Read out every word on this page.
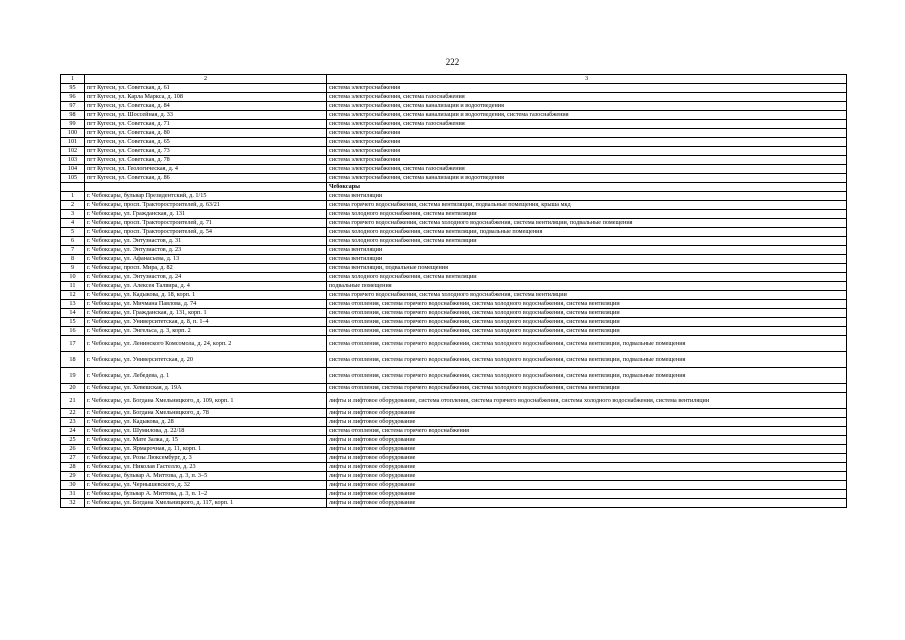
222
1	2	3
95	пгт Кугеси, ул. Советская, д. 61	система электроснабжения
96	пгт Кугеси, ул. Карла Маркса, д. 108	система электроснабжения, система газоснабжения
97	пгт Кугеси, ул. Советская, д. 84	система электроснабжения, система канализации и водоотведения
98	пгт Кугеси, ул. Шоссейная, д. 33	система электроснабжения, система канализации и водоотведения, система газоснабжения
99	пгт Кугеси, ул. Советская, д. 71	система электроснабжения, система газоснабжения
100	пгт Кугеси, ул. Советская, д. 80	система электроснабжения
101	пгт Кугеси, ул. Советская, д. 65	система электроснабжения
102	пгт Кугеси, ул. Советская, д. 73	система электроснабжения
103	пгт Кугеси, ул. Советская, д. 78	система электроснабжения
104	пгт Кугеси, ул. Геологическая, д. 4	система электроснабжения, система газоснабжения
105	пгт Кугеси, ул. Советская, д. 86	система электроснабжения, система канализации и водоотведения
		Чебоксары
1	г. Чебоксары, бульвар Президентский, д. 1/15	система вентиляции
2	г. Чебоксары, просп. Тракторостроителей, д. 63/21	система горячего водоснабжения, система вентиляции, подвальные помещения, крыша мкд
3	г. Чебоксары, ул. Гражданская, д. 131	система холодного водоснабжения, система вентиляции
4	г. Чебоксары, просп. Тракторостроителей, д. 71	система горячего водоснабжения, система холодного водоснабжения, система вентиляции, подвальные помещения
5	г. Чебоксары, просп. Тракторостроителей, д. 54	система холодного водоснабжения, система вентиляции, подвальные помещения
6	г. Чебоксары, ул. Энтузиастов, д. 31	система холодного водоснабжения, система вентиляции
7	г. Чебоксары, ул. Энтузиастов, д. 23	система вентиляции
8	г. Чебоксары, ул. Афанасьева, д. 13	система вентиляции
9	г. Чебоксары, просп. Мира, д. 82	система вентиляции, подвальные помещения
10	г. Чебоксары, ул. Энтузиастов, д. 24	система холодного водоснабжения, система вентиляции
11	г. Чебоксары, ул. Алексея Талвира, д. 4	подвальные помещения
12	г. Чебоксары, ул. Кадыкова, д. 18, корп. 1	система горячего водоснабжения, система холодного водоснабжения, система вентиляции
13	г. Чебоксары, ул. Мичмана Павлова, д. 74	система отопления, система горячего водоснабжения, система холодного водоснабжения, система вентиляции
14	г. Чебоксары, ул. Гражданская, д. 131, корп. 1	система отопления, система горячего водоснабжения, система холодного водоснабжения, система вентиляции
15	г. Чебоксары, ул. Университетская, д. 8, п. 1–4	система отопления, система горячего водоснабжения, система холодного водоснабжения, система вентиляции
16	г. Чебоксары, ул. Энгельса, д. 3, корп. 2	система отопления, система горячего водоснабжения, система холодного водоснабжения, система вентиляции
17	г. Чебоксары, ул. Ленинского Комсомола, д. 24, корп. 2	система отопления, система горячего водоснабжения, система холодного водоснабжения, система вентиляции, подвальные помещения
18	г. Чебоксары, ул. Университетская, д. 20	система отопления, система горячего водоснабжения, система холодного водоснабжения, система вентиляции, подвальные помещения
19	г. Чебоксары, ул. Лебедева, д. 1	система отопления, система горячего водоснабжения, система холодного водоснабжения, система вентиляции, подвальные помещения
20	г. Чебоксары, ул. Хевешская, д. 19А	система отопления, система горячего водоснабжения, система холодного водоснабжения, система вентиляции
21	г. Чебоксары, ул. Богдана Хмельницкого, д. 109, корп. 1	лифты и лифтовое оборудование, система отопления, система горячего водоснабжения, система холодного водоснабжения, система вентиляции
22	г. Чебоксары, ул. Богдана Хмельницкого, д. 78	лифты и лифтовое оборудование
23	г. Чебоксары, ул. Кадыкова, д. 28	лифты и лифтовое оборудование
24	г. Чебоксары, ул. Шумилова, д. 22/18	система отопления, система горячего водоснабжения
25	г. Чебоксары, ул. Мате Залка, д. 15	лифты и лифтовое оборудование
26	г. Чебоксары, ул. Ярмарочная, д. 11, корп. 1	лифты и лифтовое оборудование
27	г. Чебоксары, ул. Розы Люксембург, д. 3	лифты и лифтовое оборудование
28	г. Чебоксары, ул. Николая Гастелло, д. 23	лифты и лифтовое оборудование
29	г. Чебоксары, бульвар А. Миттова, д. 3, п. 3–5	лифты и лифтовое оборудование
30	г. Чебоксары, ул. Чернышевского, д. 32	лифты и лифтовое оборудование
31	г. Чебоксары, бульвар А. Миттова, д. 3, п. 1–2	лифты и лифтовое оборудование
32	г. Чебоксары, ул. Богдана Хмельницкого, д. 117, корп. 1	лифты и лифтовое оборудование
